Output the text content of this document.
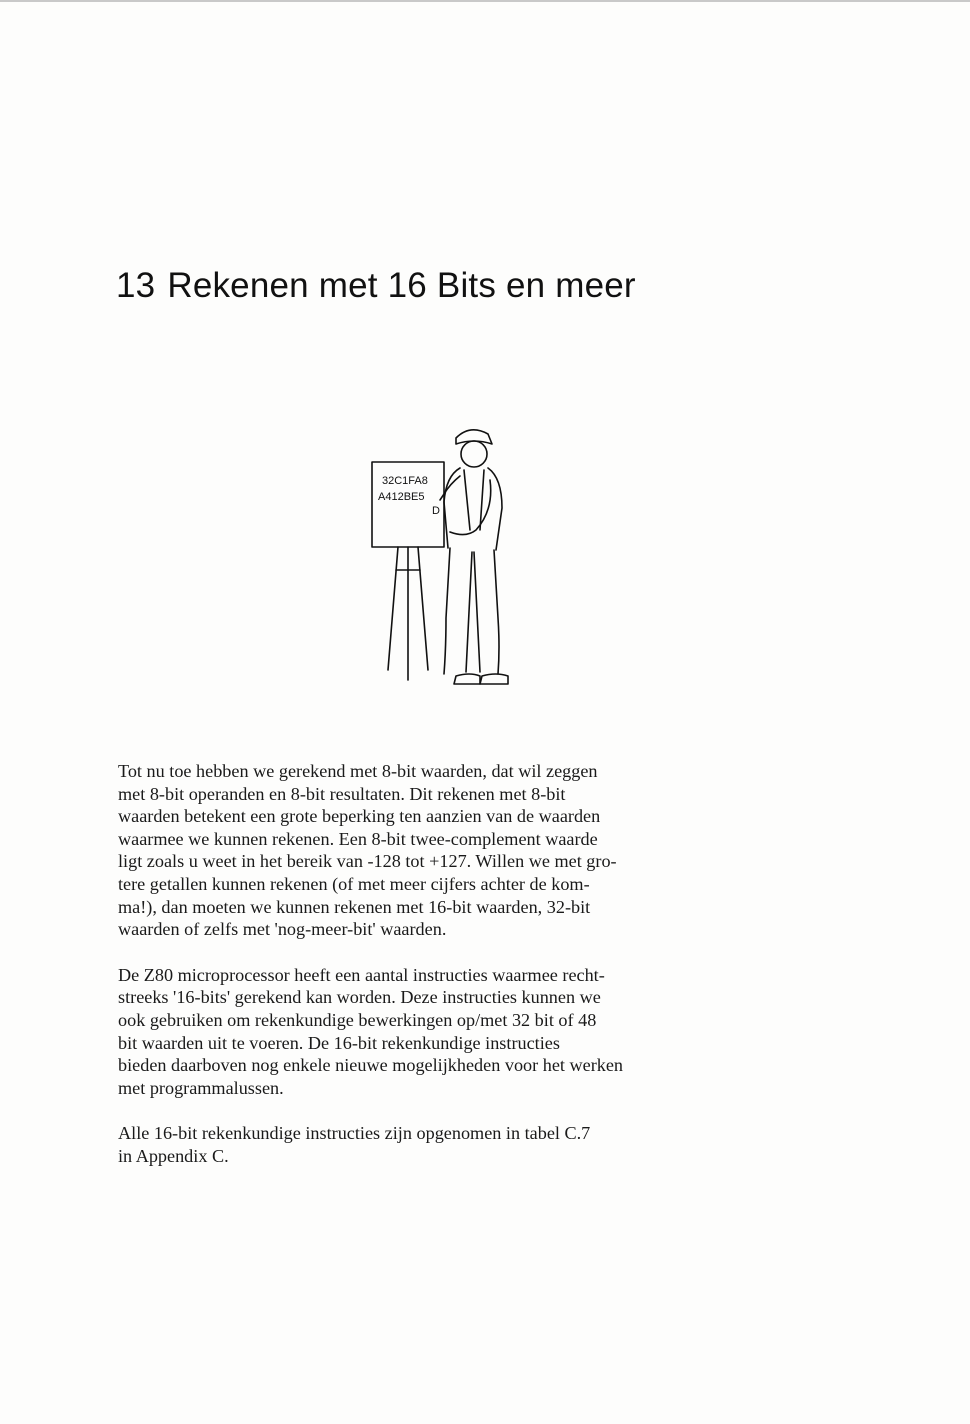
13 Rekenen met 16 Bits en meer
32C1FA8
A412BE5
D

Tot nu toe hebben we gerekend met 8-bit waarden, dat wil zeggen
met 8-bit operanden en 8-bit resultaten. Dit rekenen met 8-bit
waarden betekent een grote beperking ten aanzien van de waarden
waarmee we kunnen rekenen. Een 8-bit twee-complement waarde
ligt zoals u weet in het bereik van -128 tot +127. Willen we met gro-
tere getallen kunnen rekenen (of met meer cijfers achter de kom-
ma!), dan moeten we kunnen rekenen met 16-bit waarden, 32-bit
waarden of zelfs met 'nog-meer-bit' waarden.

De Z80 microprocessor heeft een aantal instructies waarmee recht-
streeks '16-bits' gerekend kan worden. Deze instructies kunnen we
ook gebruiken om rekenkundige bewerkingen op/met 32 bit of 48
bit waarden uit te voeren. De 16-bit rekenkundige instructies
bieden daarboven nog enkele nieuwe mogelijkheden voor het werken
met programmalussen.

Alle 16-bit rekenkundige instructies zijn opgenomen in tabel C.7
in Appendix C.
